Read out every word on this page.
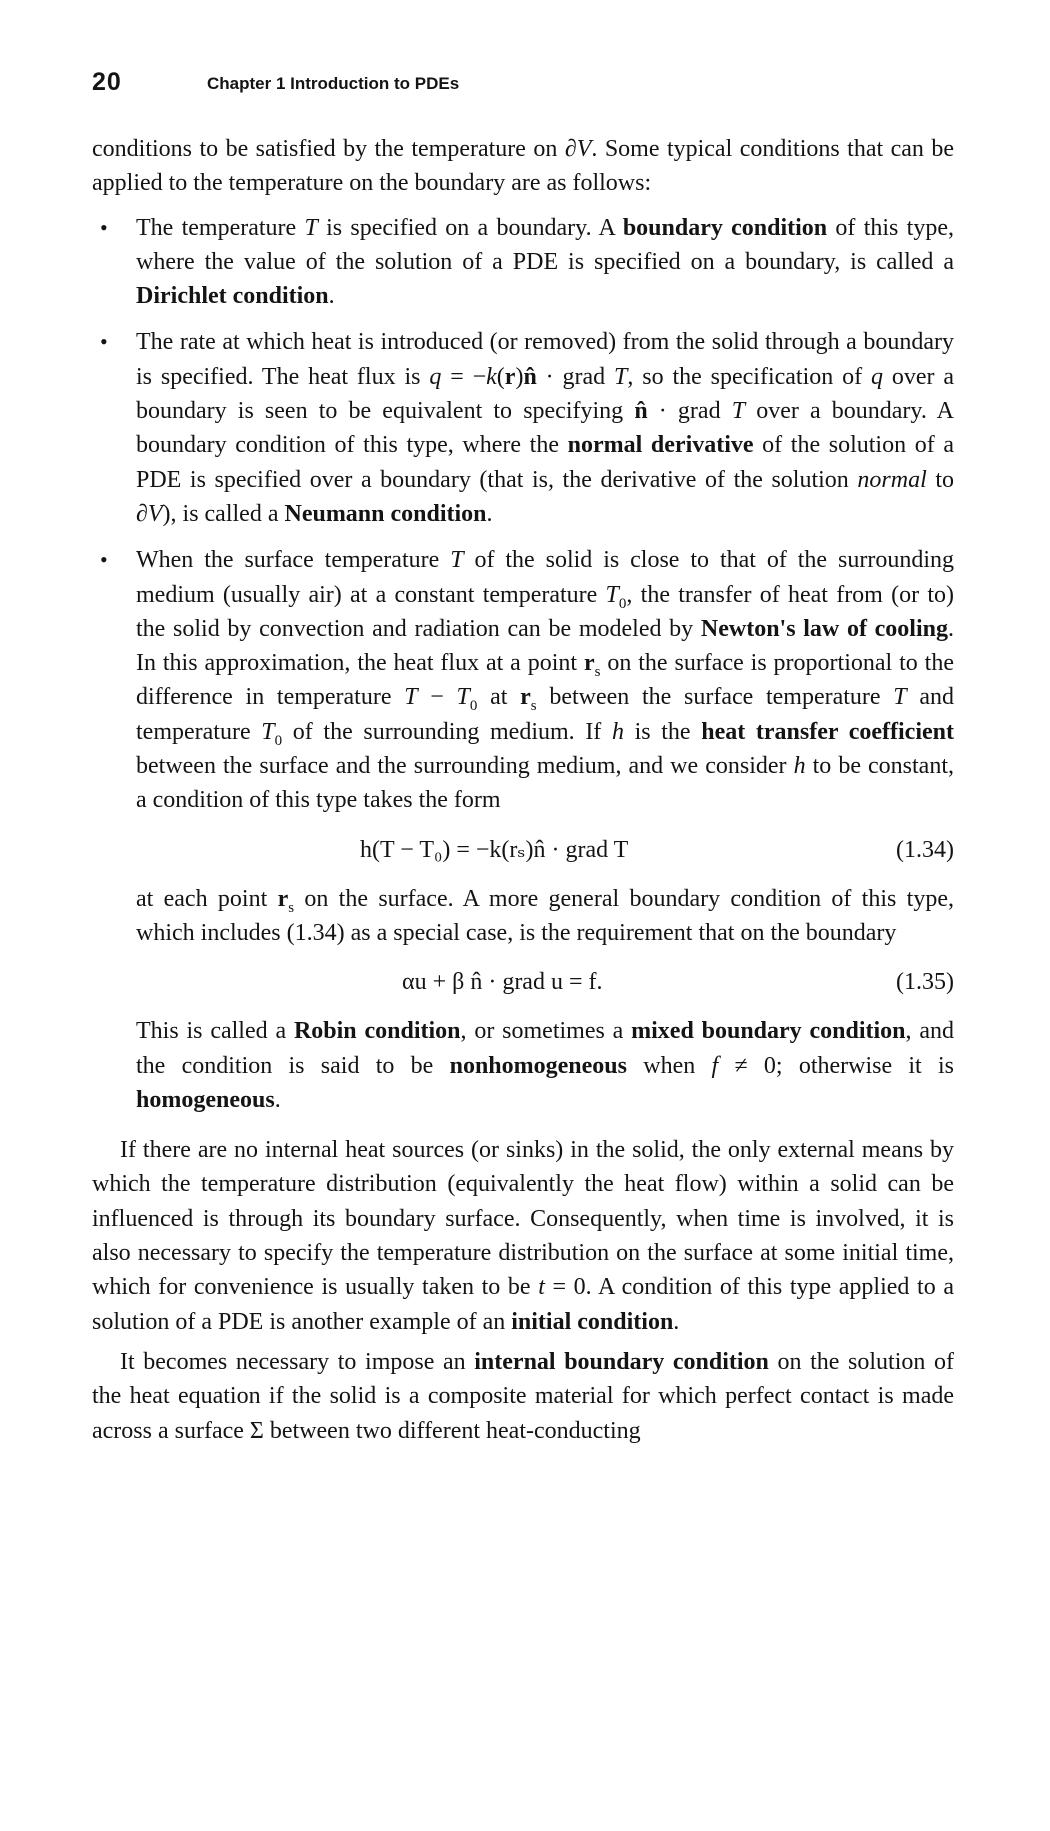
20	Chapter 1 Introduction to PDEs

conditions to be satisfied by the temperature on ∂V. Some typical conditions that can be applied to the temperature on the boundary are as follows:

• The temperature T is specified on a boundary. A boundary condition of this type, where the value of the solution of a PDE is specified on a boundary, is called a Dirichlet condition.
• The rate at which heat is introduced (or removed) from the solid through a boundary is specified. The heat flux is q = −k(r)n̂ · grad T, so the specification of q over a boundary is seen to be equivalent to specifying n̂ · grad T over a boundary. A boundary condition of this type, where the normal derivative of the solution of a PDE is specified over a boundary (that is, the derivative of the solution normal to ∂V), is called a Neumann condition.
• When the surface temperature T of the solid is close to that of the surrounding medium (usually air) at a constant temperature $T_0$, the transfer of heat from (or to) the solid by convection and radiation can be modeled by Newton's law of cooling. In this approximation, the heat flux at a point $r_s$ on the surface is proportional to the difference in temperature $T - T_0$ at $r_s$ between the surface temperature T and temperature $T_0$ of the surrounding medium. If h is the heat transfer coefficient between the surface and the surrounding medium, and we consider h to be constant, a condition of this type takes the form

h(T − T₀) = −k(rₛ)n̂ · grad T	(1.34)

at each point $r_s$ on the surface. A more general boundary condition of this type, which includes (1.34) as a special case, is the requirement that on the boundary

αu + β n̂ · grad u = f.	(1.35)

This is called a Robin condition, or sometimes a mixed boundary condition, and the condition is said to be nonhomogeneous when f ≠ 0; otherwise it is homogeneous.

If there are no internal heat sources (or sinks) in the solid, the only external means by which the temperature distribution (equivalently the heat flow) within a solid can be influenced is through its boundary surface. Consequently, when time is involved, it is also necessary to specify the temperature distribution on the surface at some initial time, which for convenience is usually taken to be t = 0. A condition of this type applied to a solution of a PDE is another example of an initial condition.

It becomes necessary to impose an internal boundary condition on the solution of the heat equation if the solid is a composite material for which perfect contact is made across a surface Σ between two different heat-conducting
